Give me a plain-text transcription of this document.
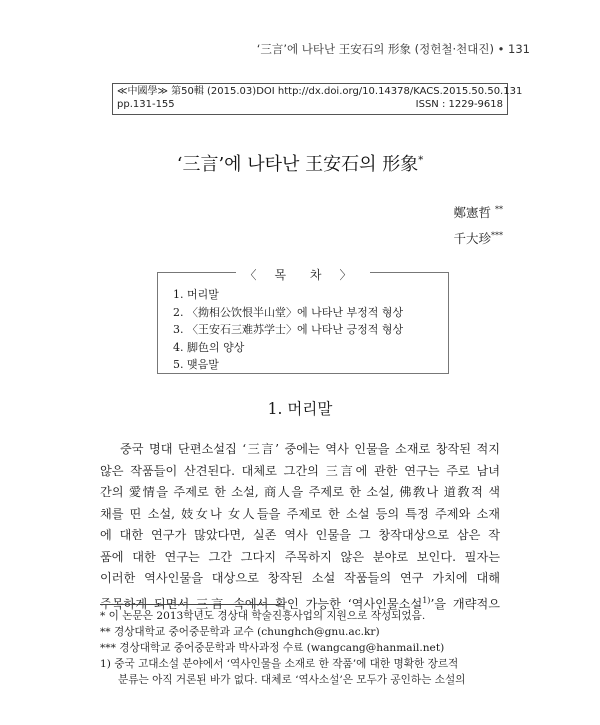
‘三言’에 나타난 王安石의 形象 (정헌철·천대진) • 131
≪中國學≫ 第50輯 (2015.03) DOI http://dx.doi.org/10.14378/KACS.2015.50.50.131
pp.131-155	ISSN : 1229-9618
‘三言’에 나타난 王安石의 形象*
鄭憲哲 **
千大珍***
〈 목 차 〉
1. 머리말
2. 〈拗相公饮恨半山堂〉에 나타난 부정적 형상
3. 〈王安石三难苏学士〉에 나타난 긍정적 형상
4. 脚色의 양상
5. 맺음말
1. 머리말
중국 명대 단편소설집 ‘三言’ 중에는 역사 인물을 소재로 창작된 적지
않은 작품들이 산견된다. 대체로 그간의 三言에 관한 연구는 주로 남녀
간의 愛情을 주제로 한 소설, 商人을 주제로 한 소설, 佛敎나 道敎적 색
채를 띤 소설, 妓女나 女人들을 주제로 한 소설 등의 특정 주제와 소재
에 대한 연구가 많았다면, 실존 역사 인물을 그 창작대상으로 삼은 작
품에 대한 연구는 그간 그다지 주목하지 않은 분야로 보인다. 필자는
이러한 역사인물을 대상으로 창작된 소설 작품들의 연구 가치에 대해
주목하게 되면서 三言 속에서 확인 가능한 ‘역사인물소설$^{1)}$’을 개략적으
* 이 논문은 2013학년도 경상대 학술진흥사업의 지원으로 작성되었음.
** 경상대학교 중어중문학과 교수 (chunghch@gnu.ac.kr)
*** 경상대학교 중어중문학과 박사과정 수료 (wangcang@hanmail.net)
1) 중국 고대소설 분야에서 ‘역사인물을 소재로 한 작품’에 대한 명확한 장르적
분류는 아직 거론된 바가 없다. 대체로 ‘역사소설’은 모두가 공인하는 소설의
